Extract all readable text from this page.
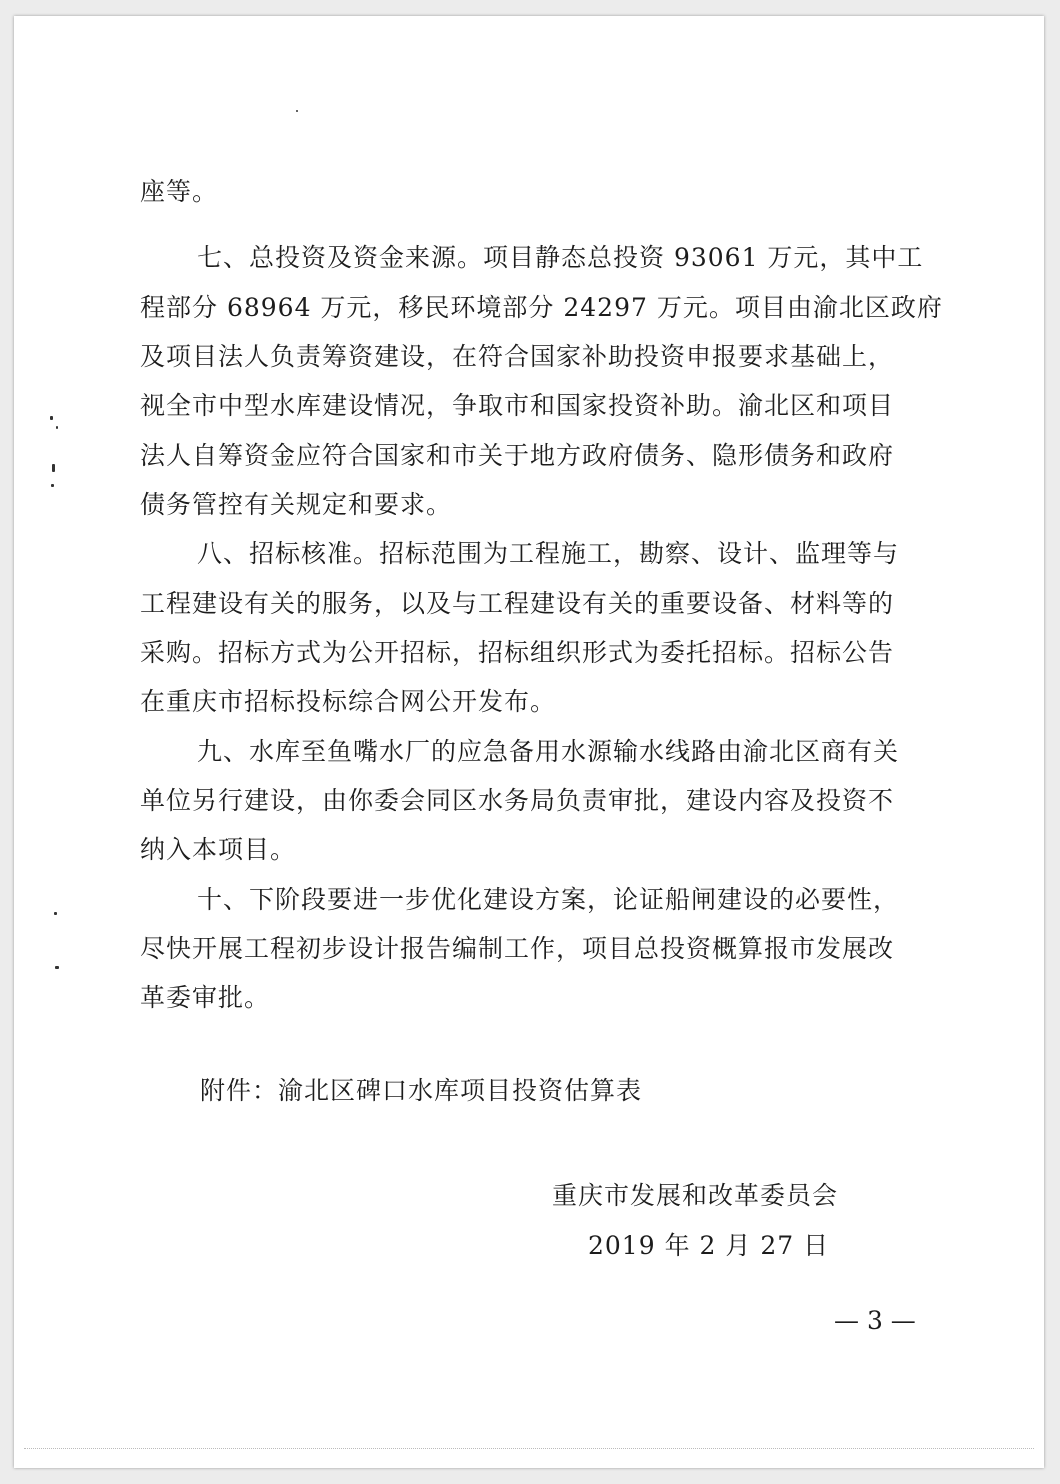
座等。
七、总投资及资金来源。项目静态总投资 93061 万元，其中工
程部分 68964 万元，移民环境部分 24297 万元。项目由渝北区政府
及项目法人负责筹资建设，在符合国家补助投资申报要求基础上，
视全市中型水库建设情况，争取市和国家投资补助。渝北区和项目
法人自筹资金应符合国家和市关于地方政府债务、隐形债务和政府
债务管控有关规定和要求。
八、招标核准。招标范围为工程施工，勘察、设计、监理等与
工程建设有关的服务，以及与工程建设有关的重要设备、材料等的
采购。招标方式为公开招标，招标组织形式为委托招标。招标公告
在重庆市招标投标综合网公开发布。
九、水库至鱼嘴水厂的应急备用水源输水线路由渝北区商有关
单位另行建设，由你委会同区水务局负责审批，建设内容及投资不
纳入本项目。
十、下阶段要进一步优化建设方案，论证船闸建设的必要性，
尽快开展工程初步设计报告编制工作，项目总投资概算报市发展改
革委审批。
附件：渝北区碑口水库项目投资估算表
重庆市发展和改革委员会
2019 年 2 月 27 日
— 3 —
